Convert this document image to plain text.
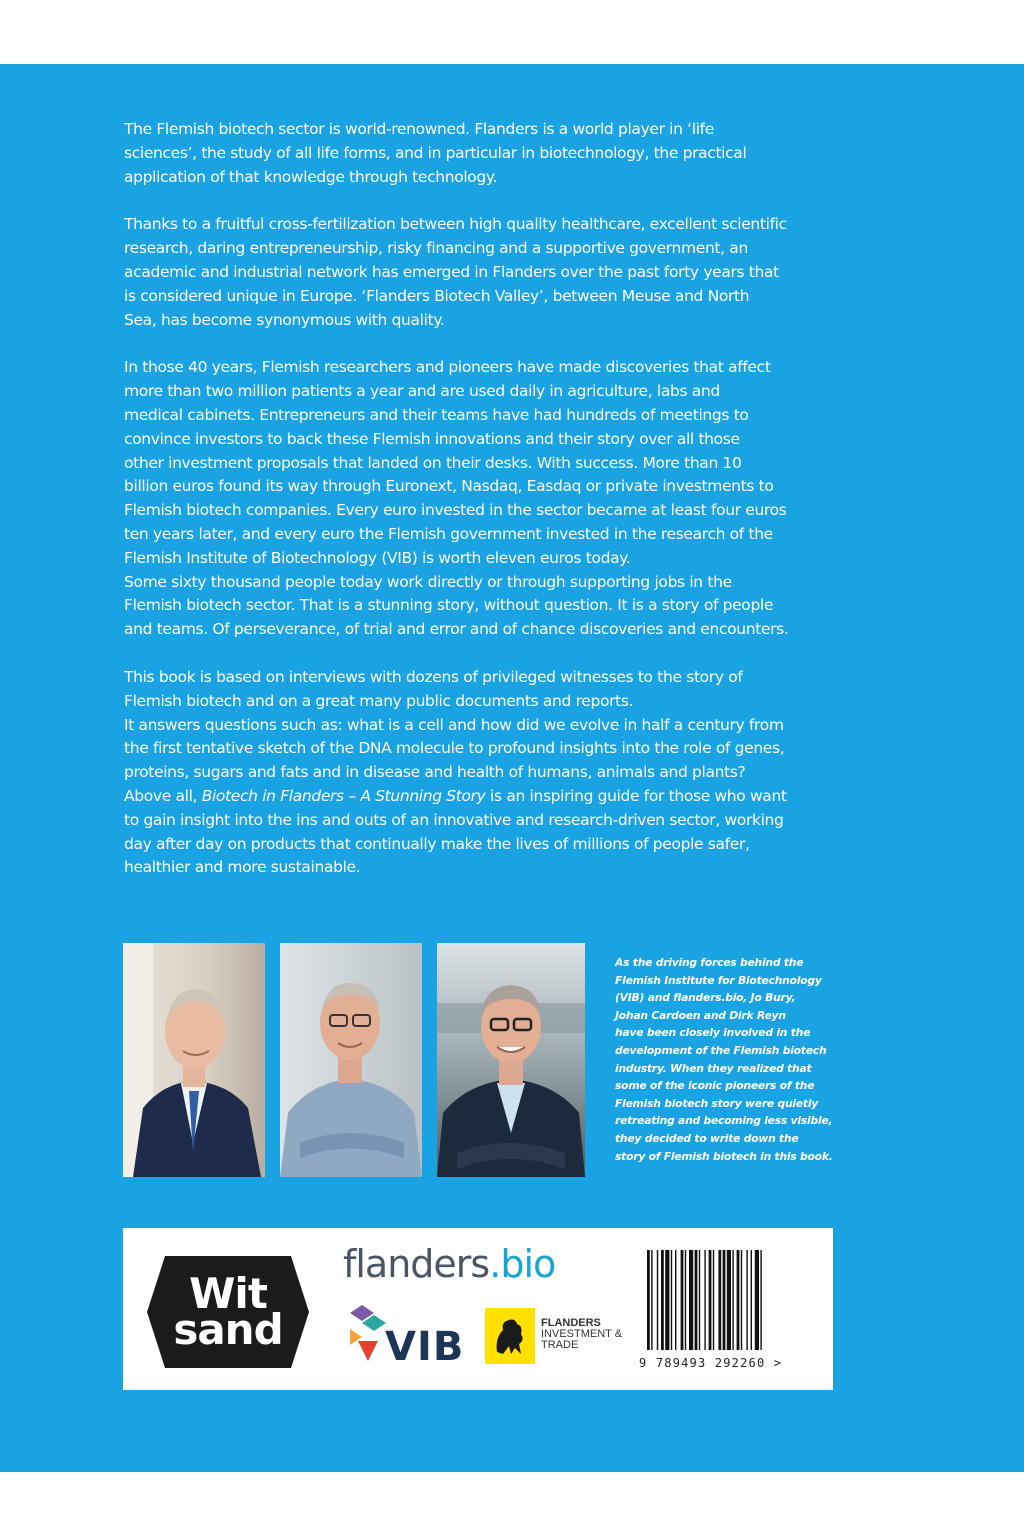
The Flemish biotech sector is world-renowned. Flanders is a world player in ‘life
sciences’, the study of all life forms, and in particular in biotechnology, the practical
application of that knowledge through technology.

Thanks to a fruitful cross-fertilization between high quality healthcare, excellent scientific
research, daring entrepreneurship, risky financing and a supportive government, an
academic and industrial network has emerged in Flanders over the past forty years that
is considered unique in Europe. ‘Flanders Biotech Valley’, between Meuse and North
Sea, has become synonymous with quality.

In those 40 years, Flemish researchers and pioneers have made discoveries that affect
more than two million patients a year and are used daily in agriculture, labs and
medical cabinets. Entrepreneurs and their teams have had hundreds of meetings to
convince investors to back these Flemish innovations and their story over all those
other investment proposals that landed on their desks. With success. More than 10
billion euros found its way through Euronext, Nasdaq, Easdaq or private investments to
Flemish biotech companies. Every euro invested in the sector became at least four euros
ten years later, and every euro the Flemish government invested in the research of the
Flemish Institute of Biotechnology (VIB) is worth eleven euros today.
Some sixty thousand people today work directly or through supporting jobs in the
Flemish biotech sector. That is a stunning story, without question. It is a story of people
and teams. Of perseverance, of trial and error and of chance discoveries and encounters.

This book is based on interviews with dozens of privileged witnesses to the story of
Flemish biotech and on a great many public documents and reports.
It answers questions such as: what is a cell and how did we evolve in half a century from
the first tentative sketch of the DNA molecule to profound insights into the role of genes,
proteins, sugars and fats and in disease and health of humans, animals and plants?
Above all, Biotech in Flanders – A Stunning Story is an inspiring guide for those who want
to gain insight into the ins and outs of an innovative and research-driven sector, working
day after day on products that continually make the lives of millions of people safer,
healthier and more sustainable.

As the driving forces behind the
Flemish Institute for Biotechnology
(VIB) and flanders.bio, Jo Bury,
Johan Cardoen and Dirk Reyn
have been closely involved in the
development of the Flemish biotech
industry. When they realized that
some of the iconic pioneers of the
Flemish biotech story were quietly
retreating and becoming less visible,
they decided to write down the
story of Flemish biotech in this book.
Wit
sand
flanders.bio
VIB
FLANDERS
INVESTMENT &
TRADE
9 789493 292260 >
